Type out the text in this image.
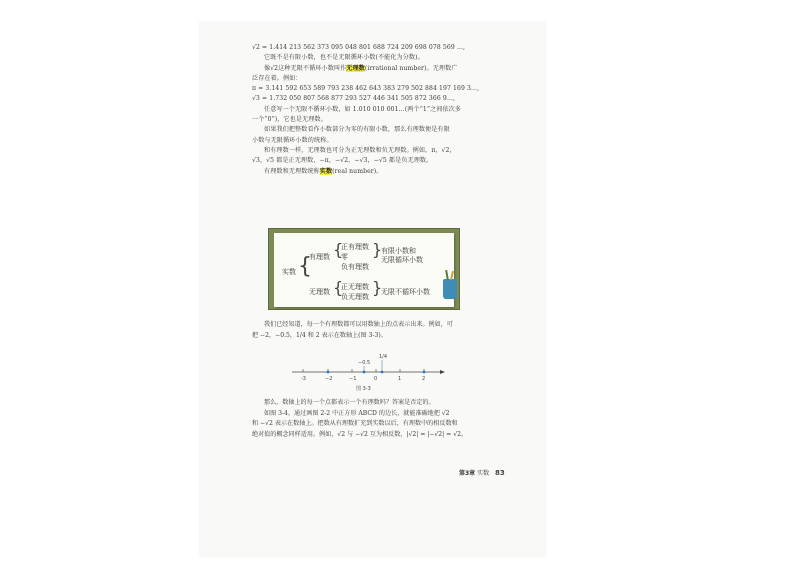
√2 = 1.414 213 562 373 095 048 801 688 724 209 698 078 569 …,

它既不是有限小数，也不是无限循环小数(不能化为分数)。

像√2这种无限不循环小数叫作无理数(irrational number)。无理数广

泛存在着。例如：

π = 3.141 592 653 589 793 238 462 643 383 279 502 884 197 169 3…,

√3 = 1.732 050 807 568 877 293 527 446 341 505 872 366 9…,

任意写一个无限不循环小数，如 1.010 010 001…(两个“1”之间依次多

一个“0”)，它也是无理数。

如果我们把整数看作小数部分为零的有限小数，那么有理数便是有限

小数与无限循环小数的统称。

和有理数一样，无理数也可分为正无理数和负无理数。例如，π，√2，

√3，√5 都是正无理数，−π，−√2，−√3，−√5 都是负无理数。

有理数和无理数统称实数(real number)。

实数 {
有理数 {
正有理数
零
负有理数
}
有限小数和
无限循环小数
无理数 {
正无理数
负无理数 }
无限不循环小数

我们已经知道，每一个有理数都可以用数轴上的点表示出来。例如，可

把 −2，−0.5，1/4 和 2 表示在数轴上(图 3-3)。

−0.5
1/4
-3	−2	−1	0	1	2
图 3-3

那么，数轴上的每一个点都表示一个有理数吗？答案是否定的。

如图 3-4，通过画图 2-2 中正方形 ABCD 的边长，就能准确地把 √2

和 −√2 表示在数轴上。把数从有理数扩充到实数以后，有理数中的相反数和

绝对值的概念同样适用。例如，√2 与 −√2 互为相反数，|√2| = |−√2| = √2。

第3章 实数 83
